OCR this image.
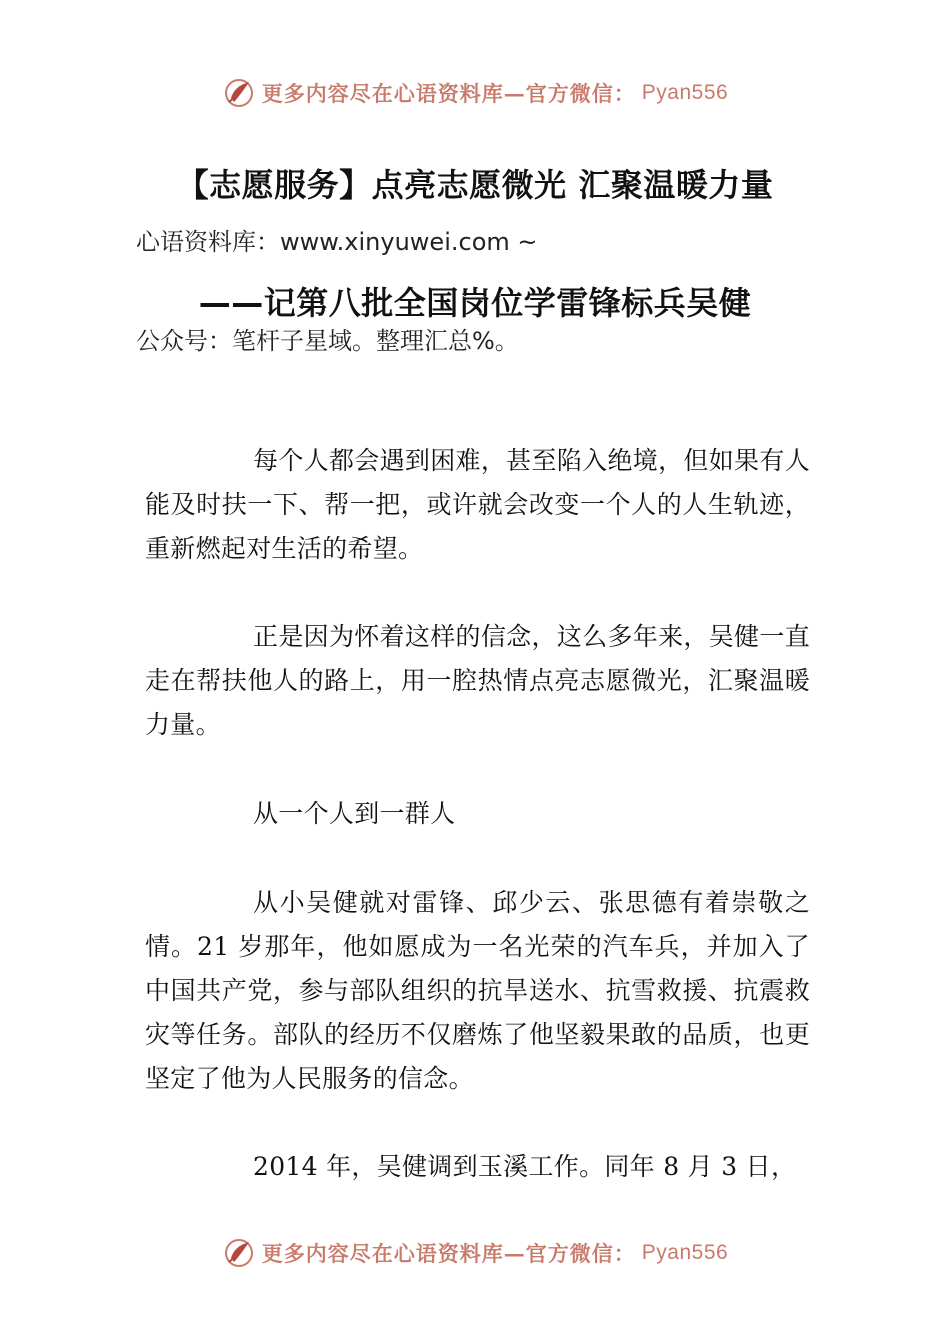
更多内容尽在心语资料库—官方微信： Pyan556

心语资料库：www.xinyuwei.com ~

公众号：笔杆子星域。整理汇总%。

【志愿服务】点亮志愿微光 汇聚温暖力量
——记第八批全国岗位学雷锋标兵吴健

每个人都会遇到困难，甚至陷入绝境，但如果有人能及时扶一下、帮一把，或许就会改变一个人的人生轨迹，重新燃起对生活的希望。

正是因为怀着这样的信念，这么多年来，吴健一直走在帮扶他人的路上，用一腔热情点亮志愿微光，汇聚温暖力量。

从一个人到一群人

从小吴健就对雷锋、邱少云、张思德有着崇敬之情。21 岁那年，他如愿成为一名光荣的汽车兵，并加入了中国共产党，参与部队组织的抗旱送水、抗雪救援、抗震救灾等任务。部队的经历不仅磨炼了他坚毅果敢的品质，也更坚定了他为人民服务的信念。

2014 年，吴健调到玉溪工作。同年 8 月 3 日，

更多内容尽在心语资料库—官方微信： Pyan556
